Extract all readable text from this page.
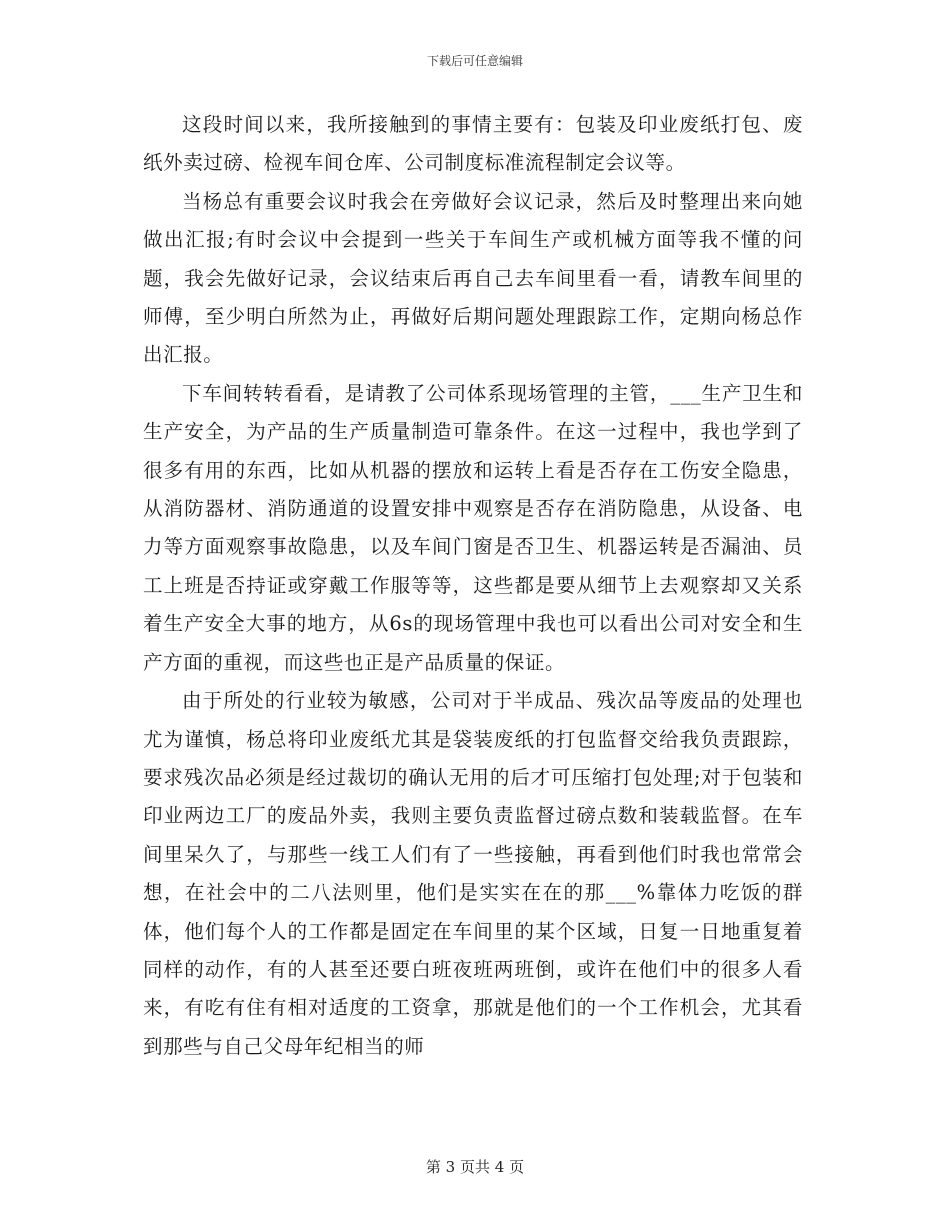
下载后可任意编辑

这段时间以来，我所接触到的事情主要有：包装及印业废纸打包、废纸外卖过磅、检视车间仓库、公司制度标准流程制定会议等。

当杨总有重要会议时我会在旁做好会议记录，然后及时整理出来向她做出汇报;有时会议中会提到一些关于车间生产或机械方面等我不懂的问题，我会先做好记录，会议结束后再自己去车间里看一看，请教车间里的师傅，至少明白所然为止，再做好后期问题处理跟踪工作，定期向杨总作出汇报。

下车间转转看看，是请教了公司体系现场管理的主管，___生产卫生和生产安全，为产品的生产质量制造可靠条件。在这一过程中，我也学到了很多有用的东西，比如从机器的摆放和运转上看是否存在工伤安全隐患，从消防器材、消防通道的设置安排中观察是否存在消防隐患，从设备、电力等方面观察事故隐患，以及车间门窗是否卫生、机器运转是否漏油、员工上班是否持证或穿戴工作服等等，这些都是要从细节上去观察却又关系着生产安全大事的地方，从6s的现场管理中我也可以看出公司对安全和生产方面的重视，而这些也正是产品质量的保证。

由于所处的行业较为敏感，公司对于半成品、残次品等废品的处理也尤为谨慎，杨总将印业废纸尤其是袋装废纸的打包监督交给我负责跟踪，要求残次品必须是经过裁切的确认无用的后才可压缩打包处理;对于包装和印业两边工厂的废品外卖，我则主要负责监督过磅点数和装载监督。在车间里呆久了，与那些一线工人们有了一些接触，再看到他们时我也常常会想，在社会中的二八法则里，他们是实实在在的那___%靠体力吃饭的群体，他们每个人的工作都是固定在车间里的某个区域，日复一日地重复着同样的动作，有的人甚至还要白班夜班两班倒，或许在他们中的很多人看来，有吃有住有相对适度的工资拿，那就是他们的一个工作机会，尤其看到那些与自己父母年纪相当的师

第 3 页共 4 页
